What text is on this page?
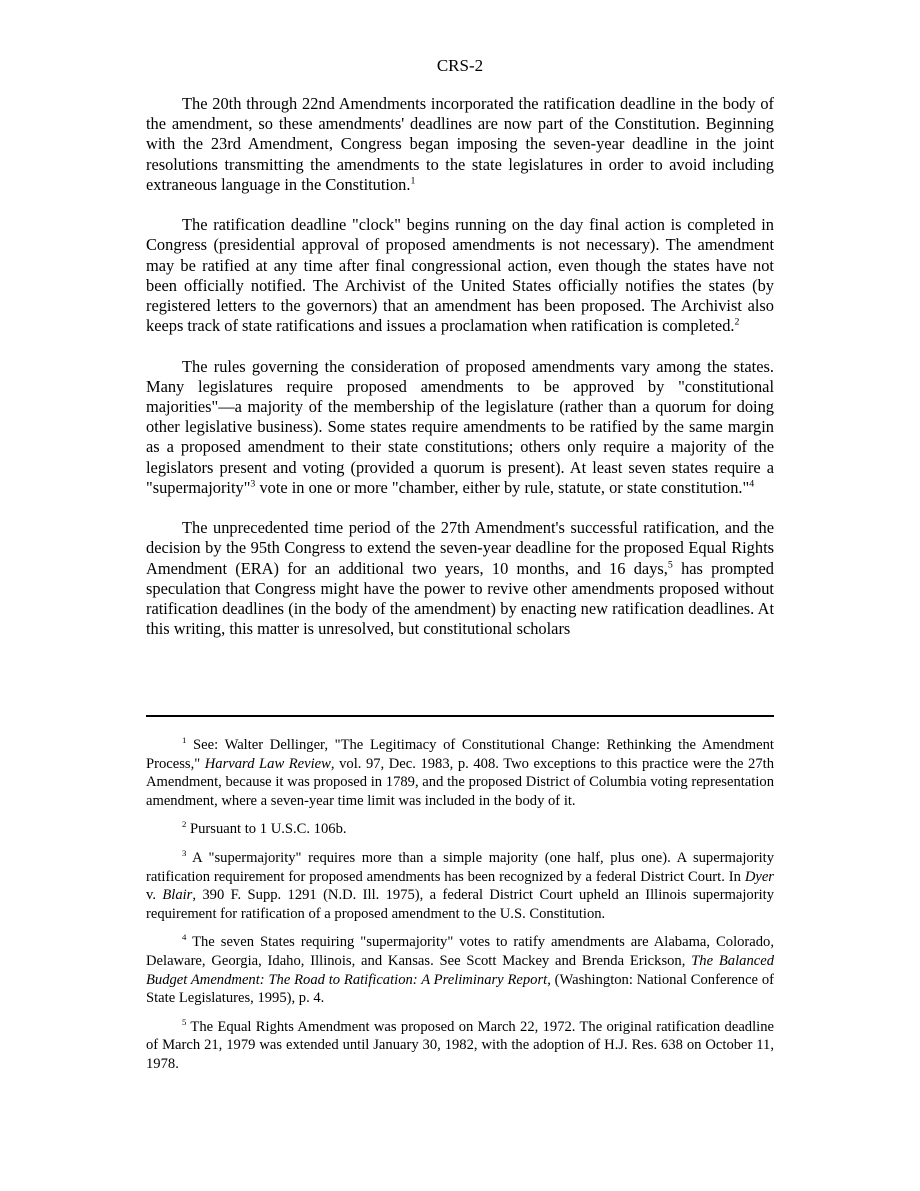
CRS-2

The 20th through 22nd Amendments incorporated the ratification deadline in the body of the amendment, so these amendments' deadlines are now part of the Constitution. Beginning with the 23rd Amendment, Congress began imposing the seven-year deadline in the joint resolutions transmitting the amendments to the state legislatures in order to avoid including extraneous language in the Constitution.$^1$

The ratification deadline "clock" begins running on the day final action is completed in Congress (presidential approval of proposed amendments is not necessary). The amendment may be ratified at any time after final congressional action, even though the states have not been officially notified. The Archivist of the United States officially notifies the states (by registered letters to the governors) that an amendment has been proposed. The Archivist also keeps track of state ratifications and issues a proclamation when ratification is completed.$^2$

The rules governing the consideration of proposed amendments vary among the states. Many legislatures require proposed amendments to be approved by "constitutional majorities"—a majority of the membership of the legislature (rather than a quorum for doing other legislative business). Some states require amendments to be ratified by the same margin as a proposed amendment to their state constitutions; others only require a majority of the legislators present and voting (provided a quorum is present). At least seven states require a "supermajority"$^3$ vote in one or more "chamber, either by rule, statute, or state constitution."$^4$

The unprecedented time period of the 27th Amendment's successful ratification, and the decision by the 95th Congress to extend the seven-year deadline for the proposed Equal Rights Amendment (ERA) for an additional two years, 10 months, and 16 days,$^5$ has prompted speculation that Congress might have the power to revive other amendments proposed without ratification deadlines (in the body of the amendment) by enacting new ratification deadlines. At this writing, this matter is unresolved, but constitutional scholars

$^1$ See: Walter Dellinger, "The Legitimacy of Constitutional Change: Rethinking the Amendment Process," Harvard Law Review, vol. 97, Dec. 1983, p. 408. Two exceptions to this practice were the 27th Amendment, because it was proposed in 1789, and the proposed District of Columbia voting representation amendment, where a seven-year time limit was included in the body of it.

$^2$ Pursuant to 1 U.S.C. 106b.

$^3$ A "supermajority" requires more than a simple majority (one half, plus one). A supermajority ratification requirement for proposed amendments has been recognized by a federal District Court. In Dyer v. Blair, 390 F. Supp. 1291 (N.D. Ill. 1975), a federal District Court upheld an Illinois supermajority requirement for ratification of a proposed amendment to the U.S. Constitution.

$^4$ The seven States requiring "supermajority" votes to ratify amendments are Alabama, Colorado, Delaware, Georgia, Idaho, Illinois, and Kansas. See Scott Mackey and Brenda Erickson, The Balanced Budget Amendment: The Road to Ratification: A Preliminary Report, (Washington: National Conference of State Legislatures, 1995), p. 4.

$^5$ The Equal Rights Amendment was proposed on March 22, 1972. The original ratification deadline of March 21, 1979 was extended until January 30, 1982, with the adoption of H.J. Res. 638 on October 11, 1978.
